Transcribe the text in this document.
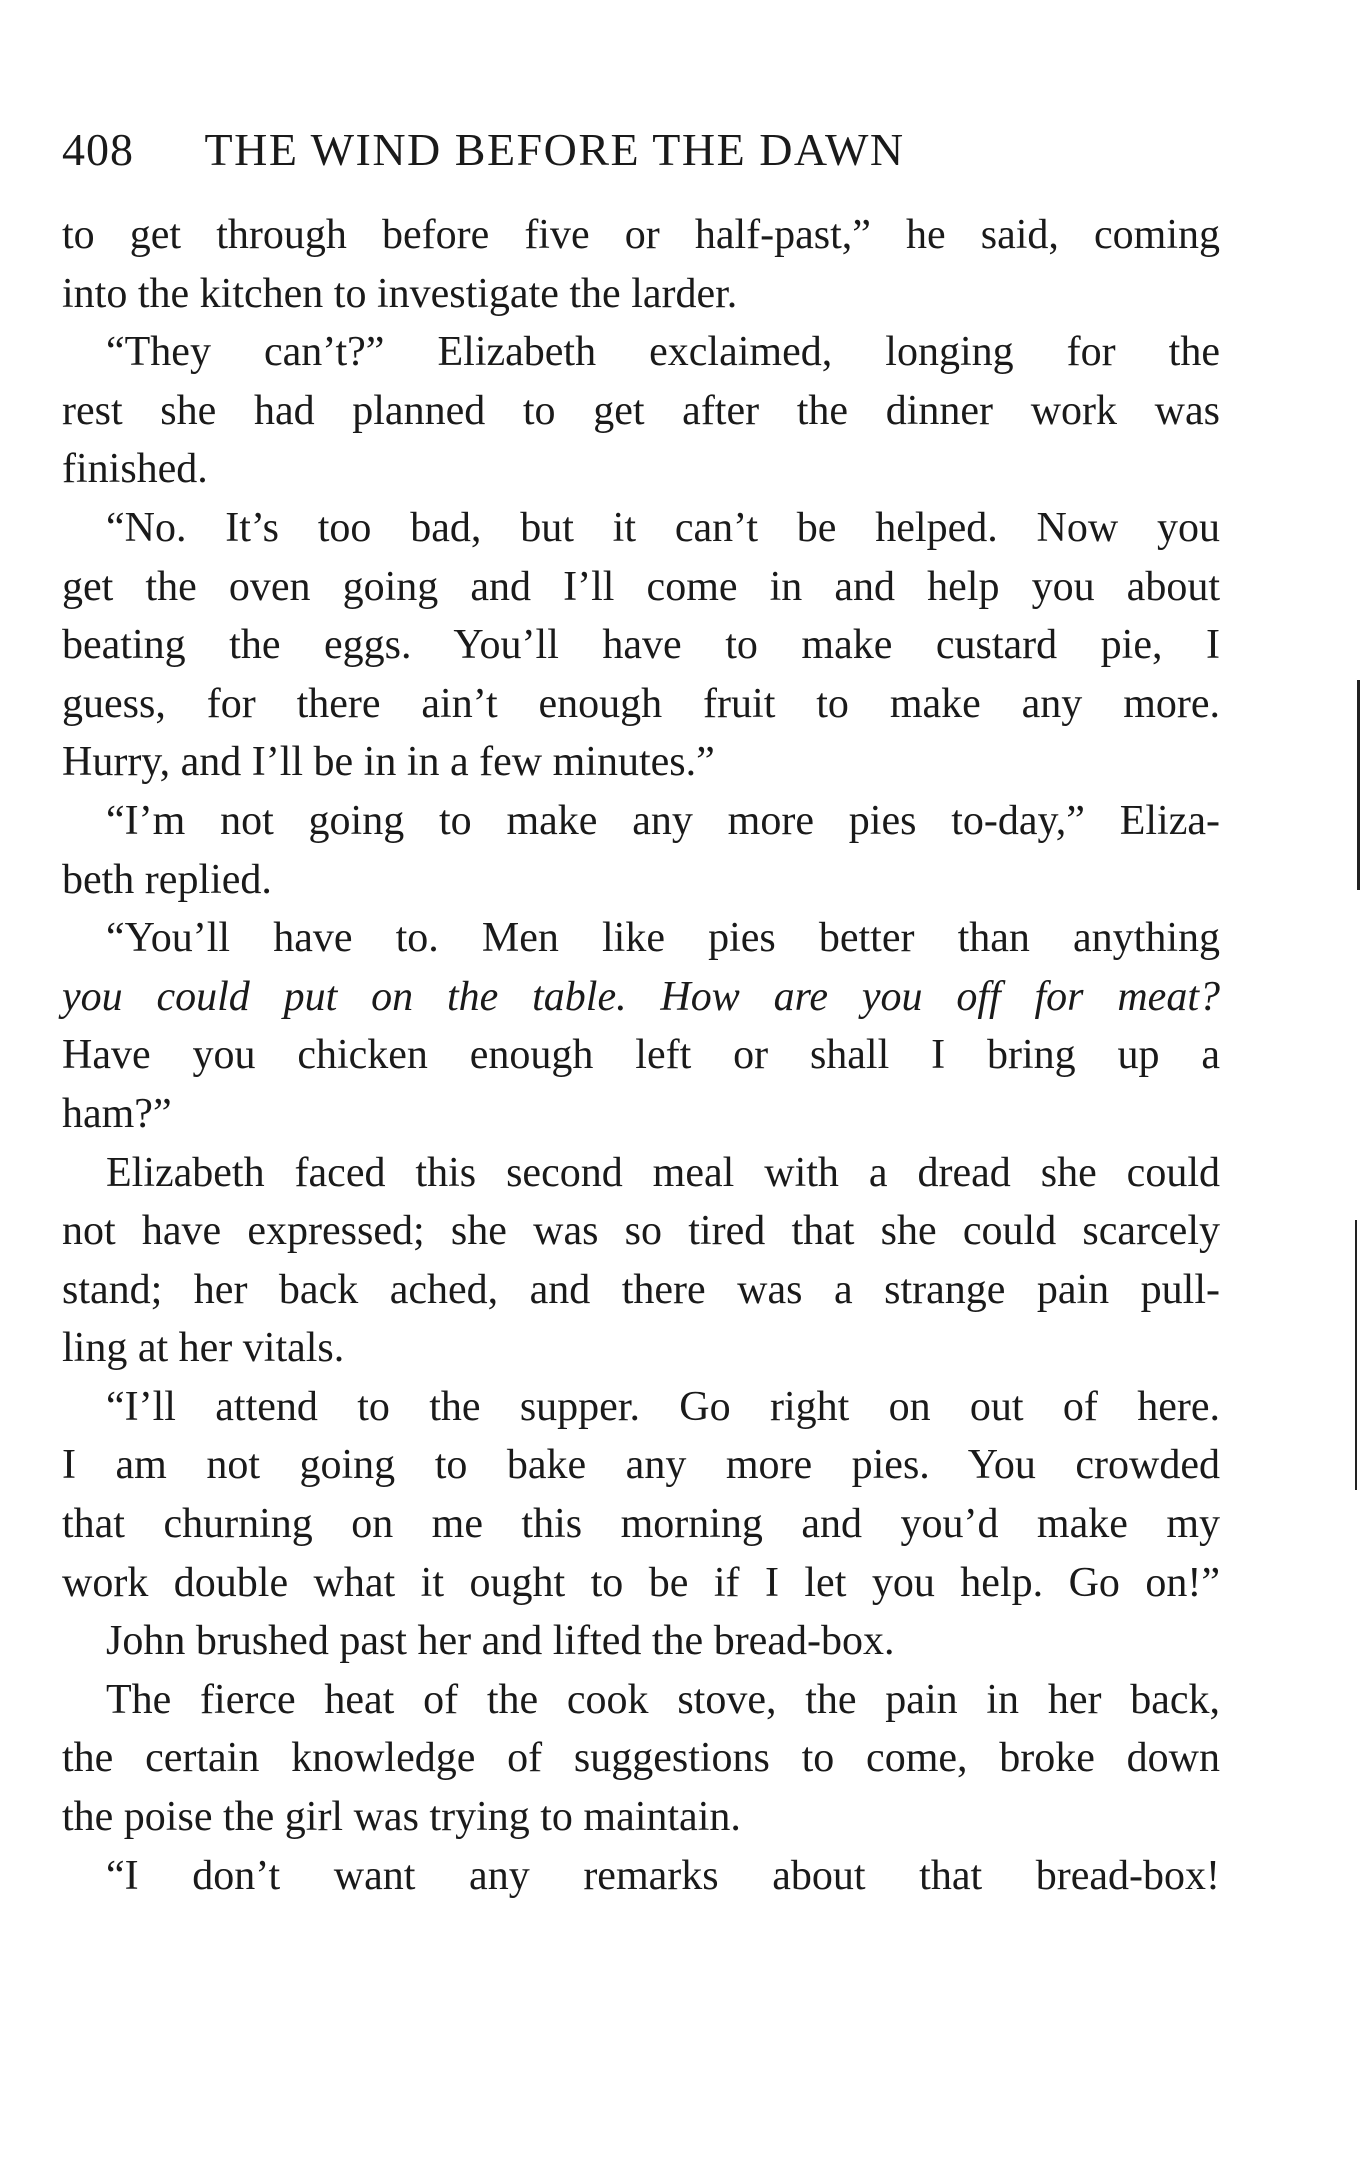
408 THE WIND BEFORE THE DAWN
to get through before five or half-past,” he said, coming
into the kitchen to investigate the larder.
“They can’t?” Elizabeth exclaimed, longing for the
rest she had planned to get after the dinner work was
finished.
“No. It’s too bad, but it can’t be helped. Now you
get the oven going and I’ll come in and help you about
beating the eggs. You’ll have to make custard pie, I
guess, for there ain’t enough fruit to make any more.
Hurry, and I’ll be in in a few minutes.”
“I’m not going to make any more pies to-day,” Eliza-
beth replied.
“You’ll have to. Men like pies better than anything
you could put on the table. How are you off for meat?
Have you chicken enough left or shall I bring up a
ham?”
Elizabeth faced this second meal with a dread she could
not have expressed; she was so tired that she could scarcely
stand; her back ached, and there was a strange pain pull-
ling at her vitals.
“I’ll attend to the supper. Go right on out of here.
I am not going to bake any more pies. You crowded
that churning on me this morning and you’d make my
work double what it ought to be if I let you help. Go on!”
John brushed past her and lifted the bread-box.
The fierce heat of the cook stove, the pain in her back,
the certain knowledge of suggestions to come, broke down
the poise the girl was trying to maintain.
“I don’t want any remarks about that bread-box!
